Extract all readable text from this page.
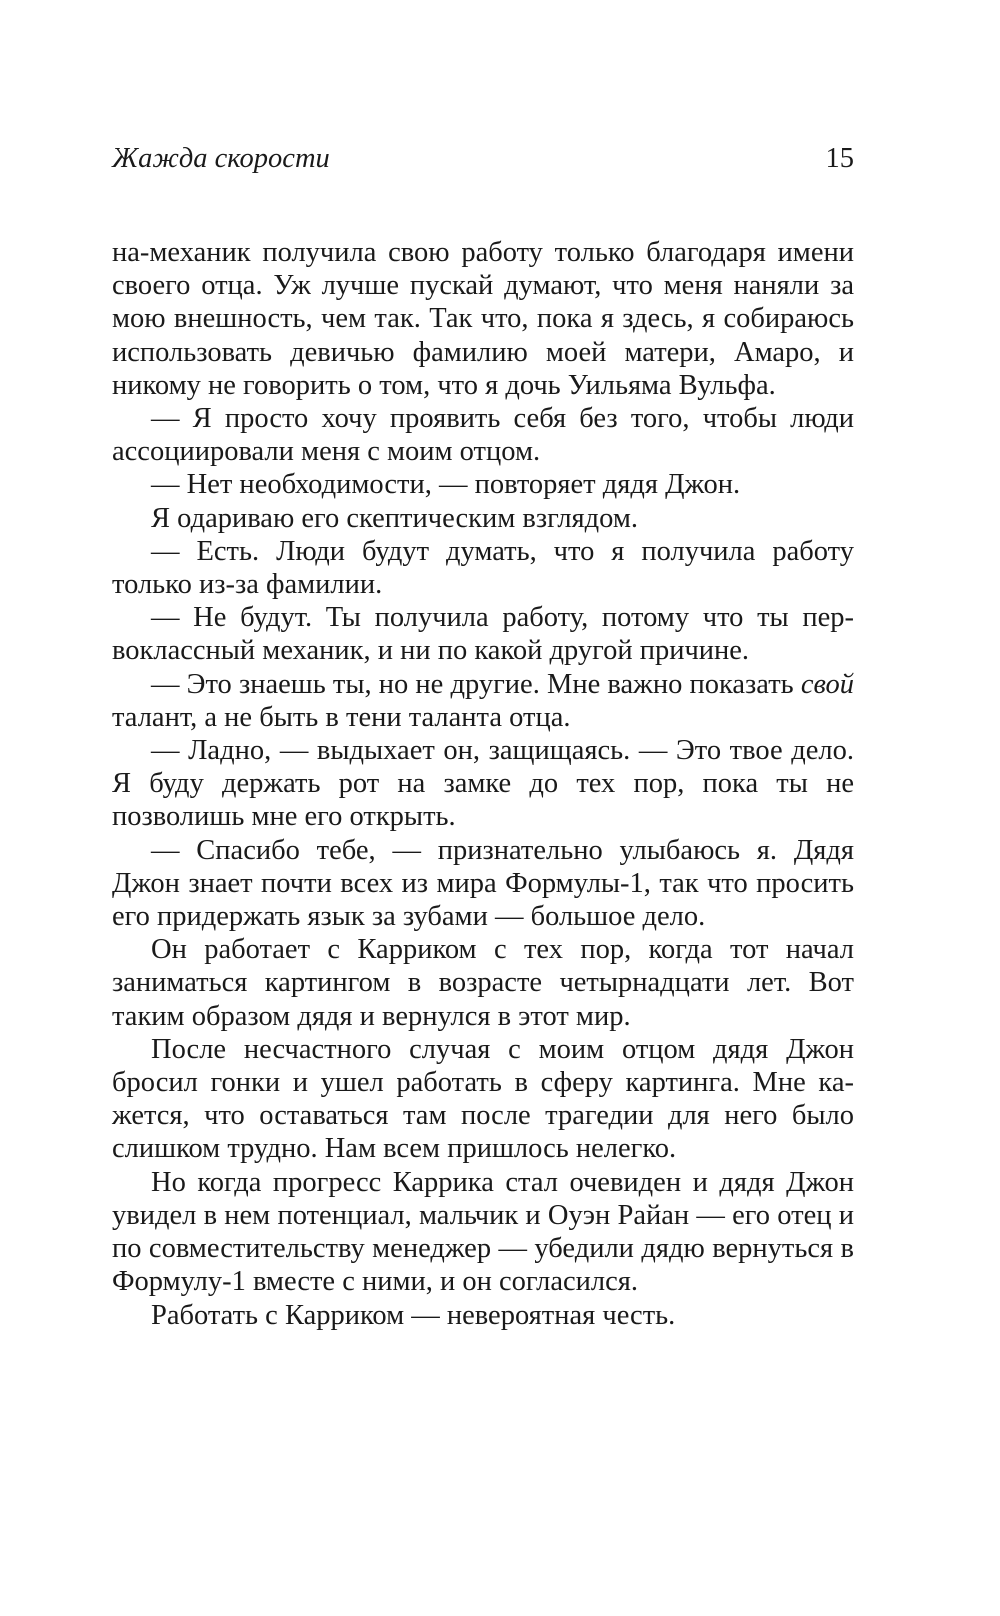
Жажда скорости	15

на-механик получила свою работу только благодаря имени своего отца. Уж лучше пускай думают, что меня наняли за мою внешность, чем так. Так что, пока я здесь, я собираюсь использовать девичью фамилию моей матери, Амаро, и никому не говорить о том, что я дочь Уильяма Вульфа.

— Я просто хочу проявить себя без того, чтобы люди ассоциировали меня с моим отцом.

— Нет необходимости, — повторяет дядя Джон.

Я одариваю его скептическим взглядом.

— Есть. Люди будут думать, что я получила работу только из-за фамилии.

— Не будут. Ты получила работу, потому что ты первоклассный механик, и ни по какой другой причине.

— Это знаешь ты, но не другие. Мне важно показать свой талант, а не быть в тени таланта отца.

— Ладно, — выдыхает он, защищаясь. — Это твое дело. Я буду держать рот на замке до тех пор, пока ты не позволишь мне его открыть.

— Спасибо тебе, — признательно улыбаюсь я. Дядя Джон знает почти всех из мира Формулы-1, так что просить его придержать язык за зубами — большое дело.

Он работает с Карриком с тех пор, когда тот начал заниматься картингом в возрасте четырнадцати лет. Вот таким образом дядя и вернулся в этот мир.

После несчастного случая с моим отцом дядя Джон бросил гонки и ушел работать в сферу картинга. Мне кажется, что оставаться там после трагедии для него было слишком трудно. Нам всем пришлось нелегко.

Но когда прогресс Каррика стал очевиден и дядя Джон увидел в нем потенциал, мальчик и Оуэн Райан — его отец и по совместительству менеджер — убедили дядю вернуться в Формулу-1 вместе с ними, и он согласился.

Работать с Карриком — невероятная честь.
